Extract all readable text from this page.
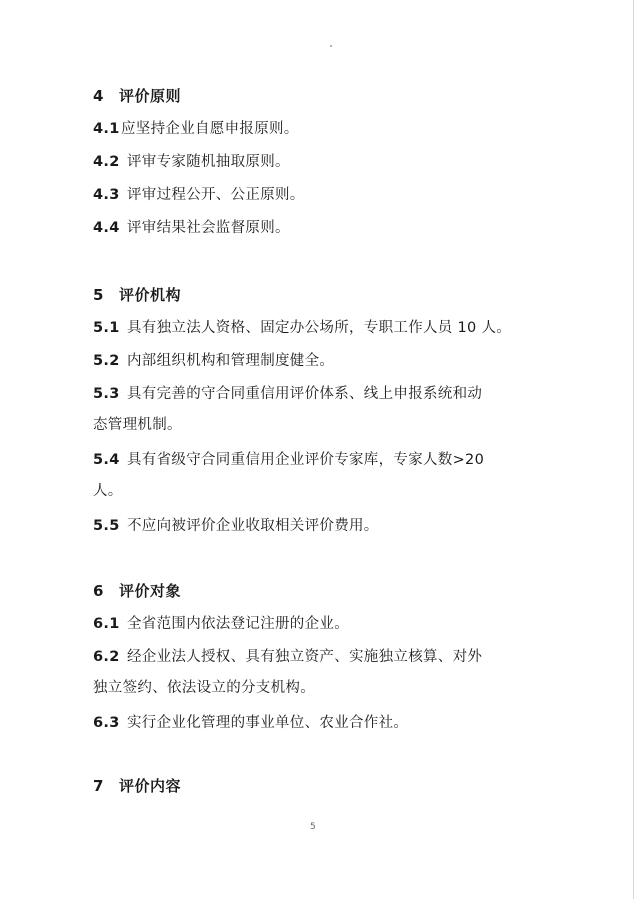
4 评价原则
4.1应坚持企业自愿申报原则。
4.2 评审专家随机抽取原则。
4.3 评审过程公开、公正原则。
4.4 评审结果社会监督原则。
5 评价机构
5.1 具有独立法人资格、固定办公场所，专职工作人员 10 人。
5.2 内部组织机构和管理制度健全。
5.3 具有完善的守合同重信用评价体系、线上申报系统和动
态管理机制。
5.4 具有省级守合同重信用企业评价专家库，专家人数>20
人。
5.5 不应向被评价企业收取相关评价费用。
6 评价对象
6.1 全省范围内依法登记注册的企业。
6.2 经企业法人授权、具有独立资产、实施独立核算、对外
独立签约、依法设立的分支机构。
6.3 实行企业化管理的事业单位、农业合作社。
7 评价内容
5
